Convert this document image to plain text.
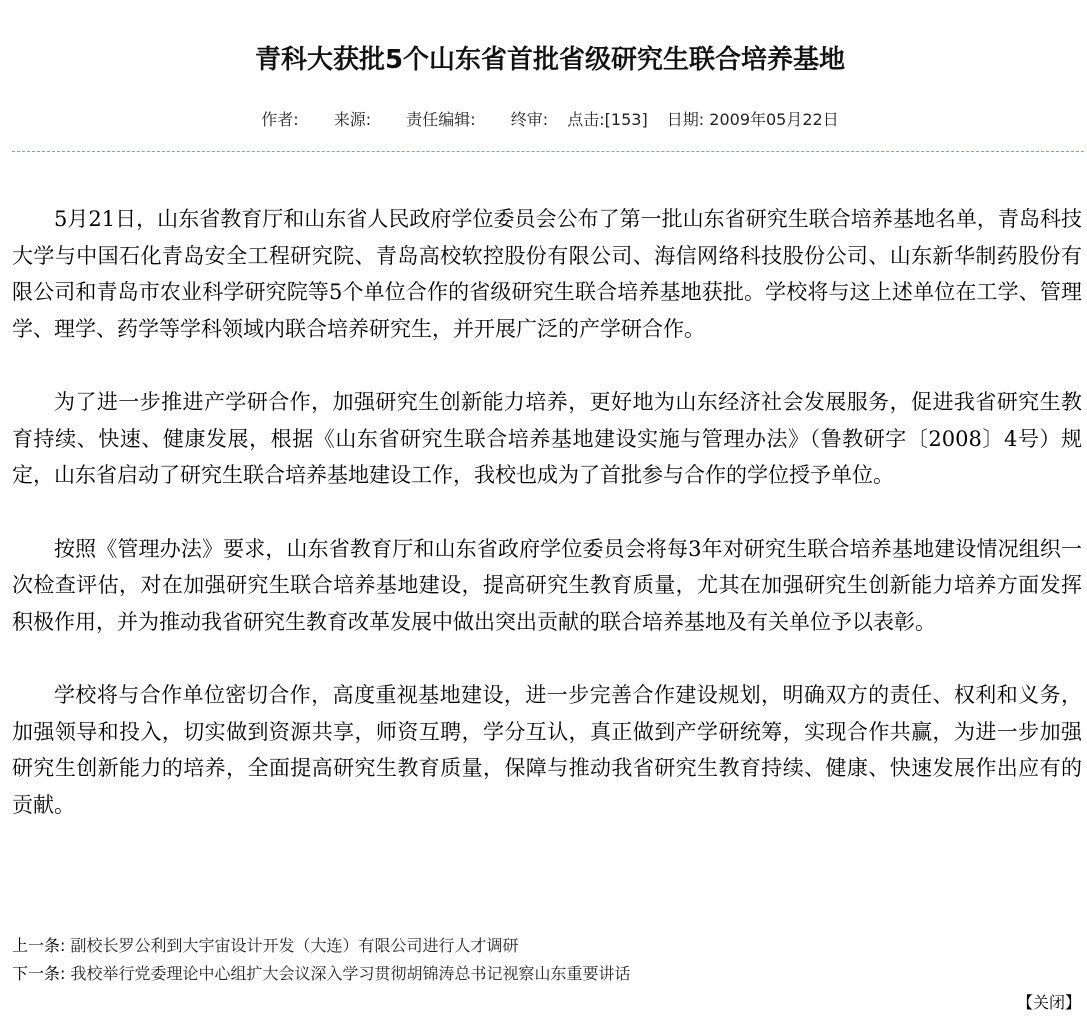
青科大获批5个山东省首批省级研究生联合培养基地
作者: 来源: 责任编辑: 终审: 点击:[153] 日期: 2009年05月22日

5月21日，山东省教育厅和山东省人民政府学位委员会公布了第一批山东省研究生联合培养基地名单，青岛科技大学与中国石化青岛安全工程研究院、青岛高校软控股份有限公司、海信网络科技股份公司、山东新华制药股份有限公司和青岛市农业科学研究院等5个单位合作的省级研究生联合培养基地获批。学校将与这上述单位在工学、管理学、理学、药学等学科领域内联合培养研究生，并开展广泛的产学研合作。

为了进一步推进产学研合作，加强研究生创新能力培养，更好地为山东经济社会发展服务，促进我省研究生教育持续、快速、健康发展，根据《山东省研究生联合培养基地建设实施与管理办法》（鲁教研字〔2008〕4号）规定，山东省启动了研究生联合培养基地建设工作，我校也成为了首批参与合作的学位授予单位。

按照《管理办法》要求，山东省教育厅和山东省政府学位委员会将每3年对研究生联合培养基地建设情况组织一次检查评估，对在加强研究生联合培养基地建设，提高研究生教育质量，尤其在加强研究生创新能力培养方面发挥积极作用，并为推动我省研究生教育改革发展中做出突出贡献的联合培养基地及有关单位予以表彰。

学校将与合作单位密切合作，高度重视基地建设，进一步完善合作建设规划，明确双方的责任、权利和义务，加强领导和投入，切实做到资源共享，师资互聘，学分互认，真正做到产学研统筹，实现合作共赢，为进一步加强研究生创新能力的培养，全面提高研究生教育质量，保障与推动我省研究生教育持续、健康、快速发展作出应有的贡献。

上一条: 副校长罗公利到大宇宙设计开发（大连）有限公司进行人才调研
下一条: 我校举行党委理论中心组扩大会议深入学习贯彻胡锦涛总书记视察山东重要讲话
【关闭】
